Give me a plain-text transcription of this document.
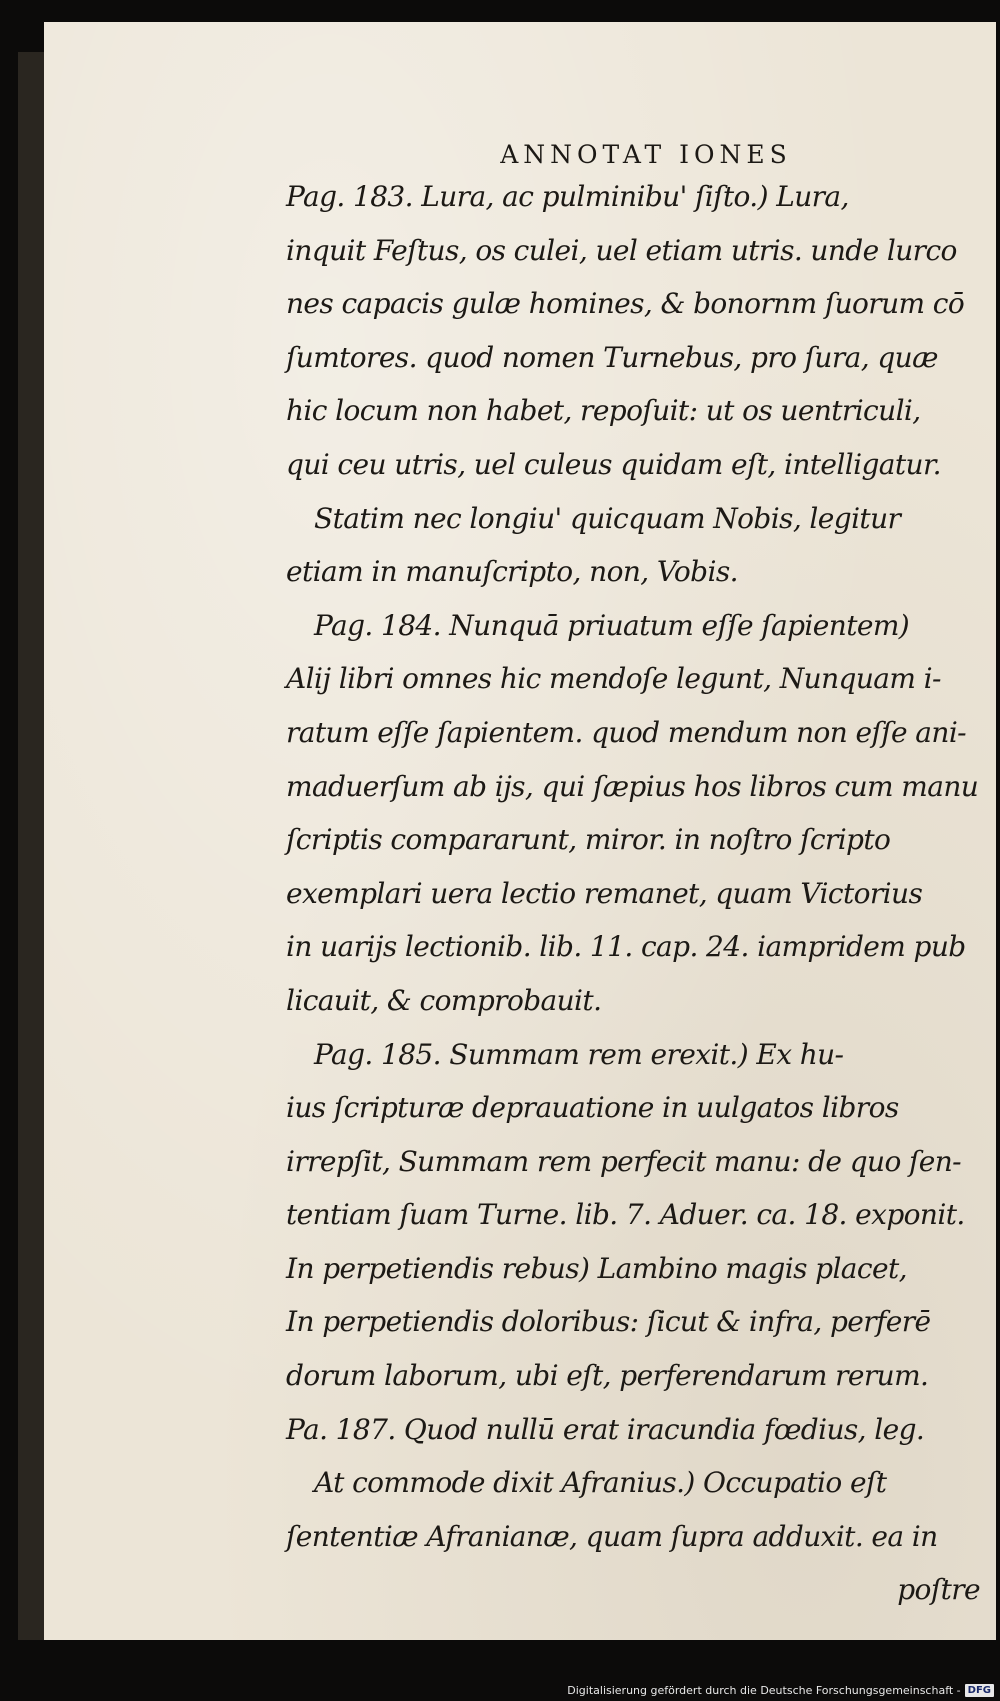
ANNOTAT IONES
Pag. 183. Lura, ac pulminibu' ſiſto.) Lura,
inquit Feſtus, os culei, uel etiam utris. unde lurco
nes capacis gulæ homines, & bonornm ſuorum cō
ſumtores. quod nomen Turnebus, pro ſura, quæ
hic locum non habet, repoſuit: ut os uentriculi,
qui ceu utris, uel culeus quidam eſt, intelligatur.
Statim nec longiu' quicquam Nobis, legitur
etiam in manuſcripto, non, Vobis.
Pag. 184. Nunquā priuatum eſſe ſapientem)
Alij libri omnes hic mendoſe legunt, Nunquam i-
ratum eſſe ſapientem. quod mendum non eſſe ani-
maduerſum ab ijs, qui ſæpius hos libros cum manu
ſcriptis compararunt, miror. in noſtro ſcripto
exemplari uera lectio remanet, quam Victorius
in uarijs lectionib. lib. 11. cap. 24. iampridem pub
licauit, & comprobauit.
Pag. 185. Summam rem erexit.) Ex hu-
ius ſcripturæ deprauatione in uulgatos libros
irrepſit, Summam rem perfecit manu: de quo ſen-
tentiam ſuam Turne. lib. 7. Aduer. ca. 18. exponit.
In perpetiendis rebus) Lambino magis placet,
In perpetiendis doloribus: ſicut & infra, perferē
dorum laborum, ubi eſt, perferendarum rerum.
Pa. 187. Quod nullū erat iracundia fœdius, leg.
At commode dixit Afranius.) Occupatio eſt
ſententiæ Afranianæ, quam ſupra adduxit. ea in
poſtre
Digitalisierung gefördert durch die Deutsche Forschungsgemeinschaft - DFG
